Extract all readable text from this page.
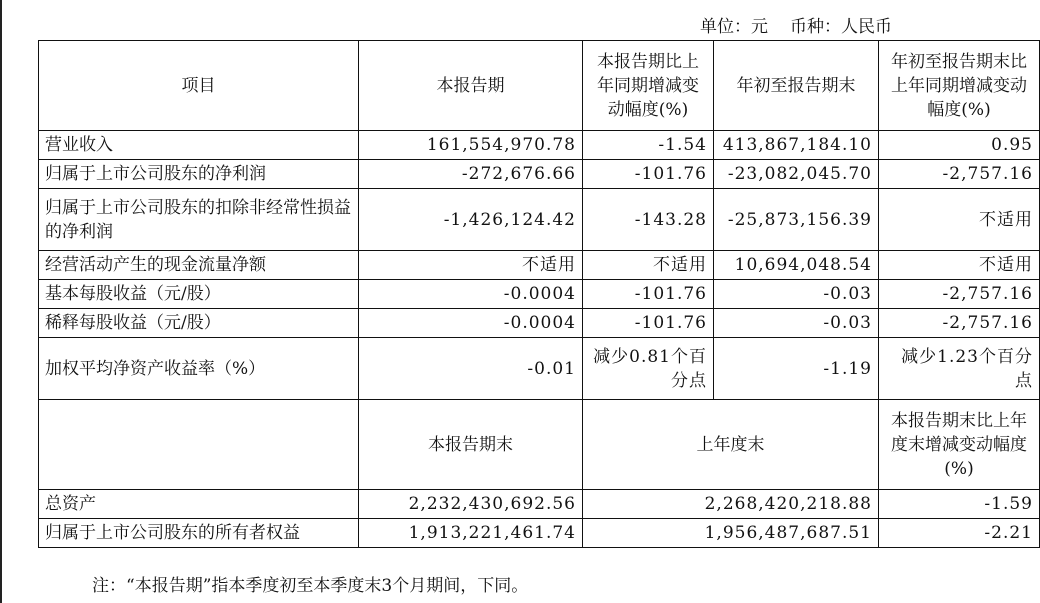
单位：元 币种：人民币
项目	本报告期	本报告期比上年同期增减变动幅度(%)	年初至报告期末	年初至报告期末比上年同期增减变动幅度(%)
营业收入	161,554,970.78	-1.54	413,867,184.10	0.95
归属于上市公司股东的净利润	-272,676.66	-101.76	-23,082,045.70	-2,757.16
归属于上市公司股东的扣除非经常性损益的净利润	-1,426,124.42	-143.28	-25,873,156.39	不适用
经营活动产生的现金流量净额	不适用	不适用	10,694,048.54	不适用
基本每股收益（元/股）	-0.0004	-101.76	-0.03	-2,757.16
稀释每股收益（元/股）	-0.0004	-101.76	-0.03	-2,757.16
加权平均净资产收益率（%）	-0.01	减少0.81个百分点	-1.19	减少1.23个百分点
	本报告期末	上年度末		本报告期末比上年度末增减变动幅度(%)
总资产	2,232,430,692.56	2,268,420,218.88		-1.59
归属于上市公司股东的所有者权益	1,913,221,461.74	1,956,487,687.51		-2.21
注：“本报告期”指本季度初至本季度末3个月期间，下同。
